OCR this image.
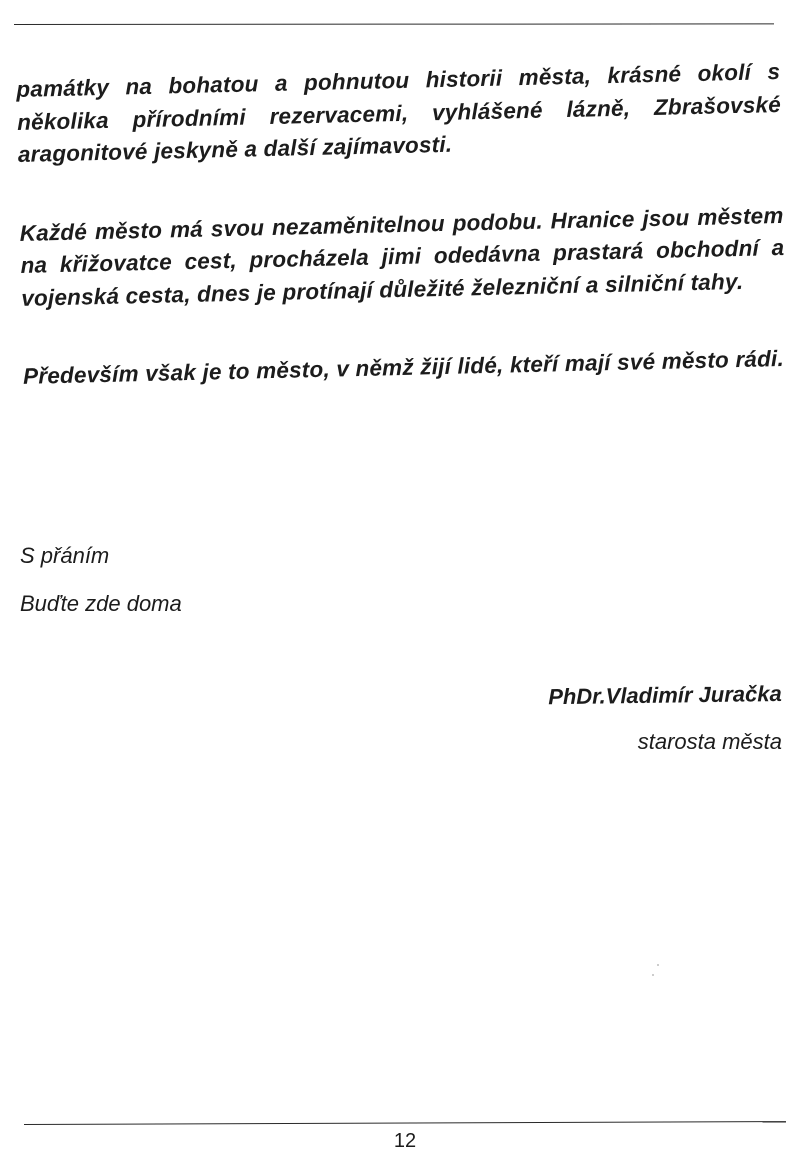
památky na bohatou a pohnutou historii města, krásné okolí s několika přírodními rezervacemi, vyhlášené lázně, Zbrašovské aragonitové jeskyně a další zajímavosti.

Každé město má svou nezaměnitelnou podobu. Hranice jsou městem na křižovatce cest, procházela jimi odedávna prastará obchodní a vojenská cesta, dnes je protínají důležité železniční a silniční tahy.

Především však je to město, v němž žijí lidé, kteří mají své město rádi.

S přáním

Buďte zde doma

PhDr.Vladimír Juračka

starosta města

12
